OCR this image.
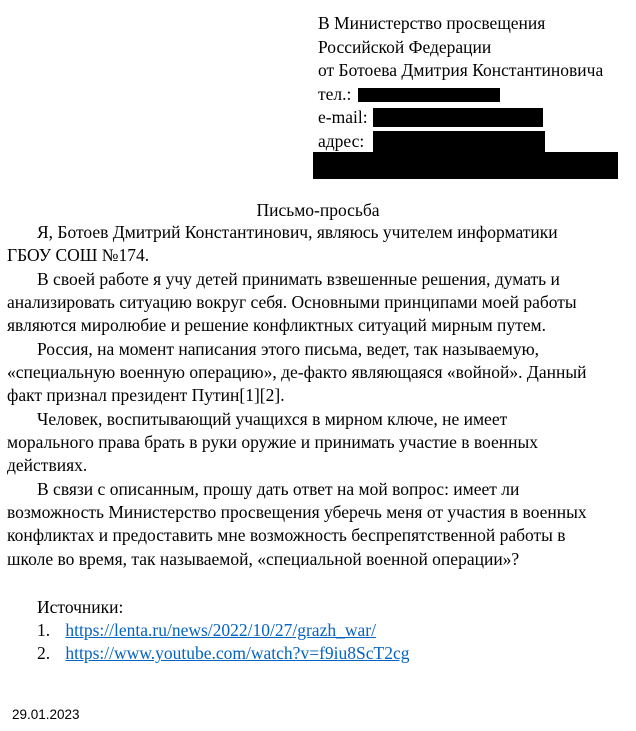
В Министерство просвещения
Российской Федерации
от Ботоева Дмитрия Константиновича
тел.:
e-mail:
адрес:
Письмо-просьба
Я, Ботоев Дмитрий Константинович, являюсь учителем информатики
ГБОУ СОШ №174.
В своей работе я учу детей принимать взвешенные решения, думать и
анализировать ситуацию вокруг себя. Основными принципами моей работы
являются миролюбие и решение конфликтных ситуаций мирным путем.
Россия, на момент написания этого письма, ведет, так называемую,
«специальную военную операцию», де-факто являющаяся «войной». Данный
факт признал президент Путин[1][2].
Человек, воспитывающий учащихся в мирном ключе, не имеет
морального права брать в руки оружие и принимать участие в военных
действиях.
В связи с описанным, прошу дать ответ на мой вопрос: имеет ли
возможность Министерство просвещения уберечь меня от участия в военных
конфликтах и предоставить мне возможность беспрепятственной работы в
школе во время, так называемой, «специальной военной операции»?
Источники:
1. https://lenta.ru/news/2022/10/27/grazh_war/
2. https://www.youtube.com/watch?v=f9iu8ScT2cg
29.01.2023
